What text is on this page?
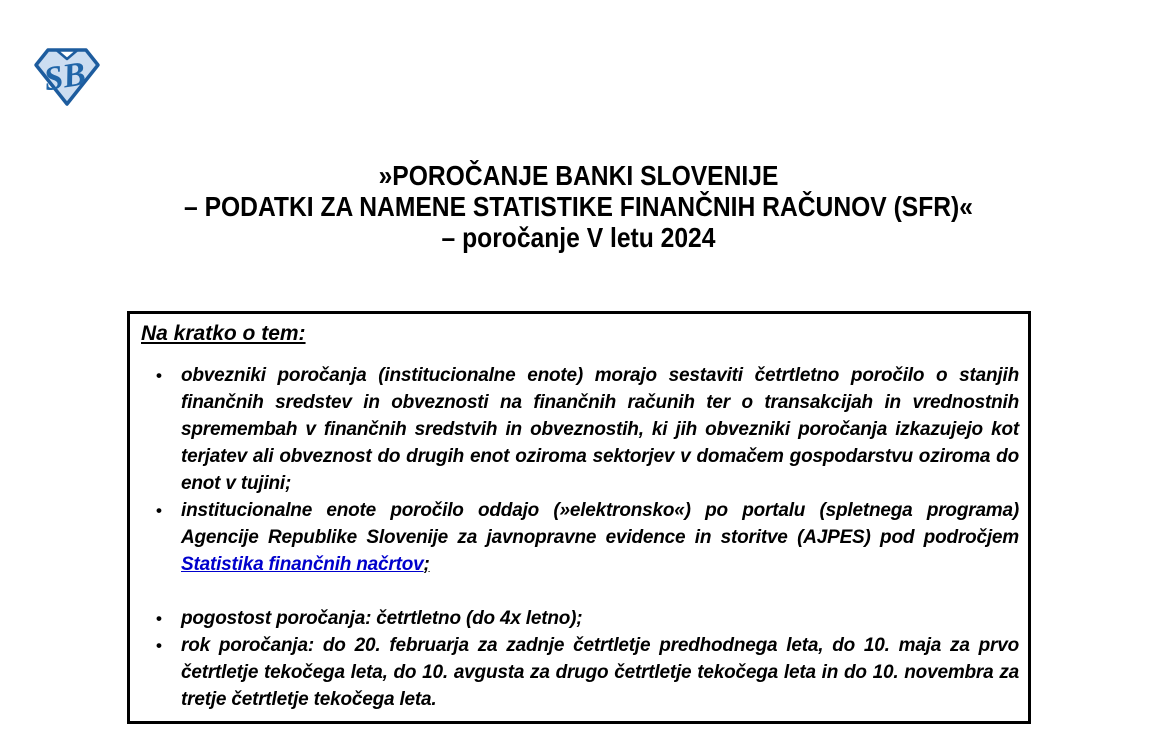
SB
»POROČANJE BANKI SLOVENIJE
– PODATKI ZA NAMENE STATISTIKE FINANČNIH RAČUNOV (SFR)«
– poročanje V letu 2024
Na kratko o tem:
• obvezniki poročanja (institucionalne enote) morajo sestaviti četrtletno poročilo o stanjih finančnih sredstev in obveznosti na finančnih računih ter o transakcijah in vrednostnih spremembah v finančnih sredstvih in obveznostih, ki jih obvezniki poročanja izkazujejo kot terjatev ali obveznost do drugih enot oziroma sektorjev v domačem gospodarstvu oziroma do enot v tujini;
• institucionalne enote poročilo oddajo (»elektronsko«) po portalu (spletnega programa) Agencije Republike Slovenije za javnopravne evidence in storitve (AJPES) pod področjem Statistika finančnih načrtov;
• pogostost poročanja: četrtletno (do 4x letno);
• rok poročanja: do 20. februarja za zadnje četrtletje predhodnega leta, do 10. maja za prvo četrtletje tekočega leta, do 10. avgusta za drugo četrtletje tekočega leta in do 10. novembra za tretje četrtletje tekočega leta.
